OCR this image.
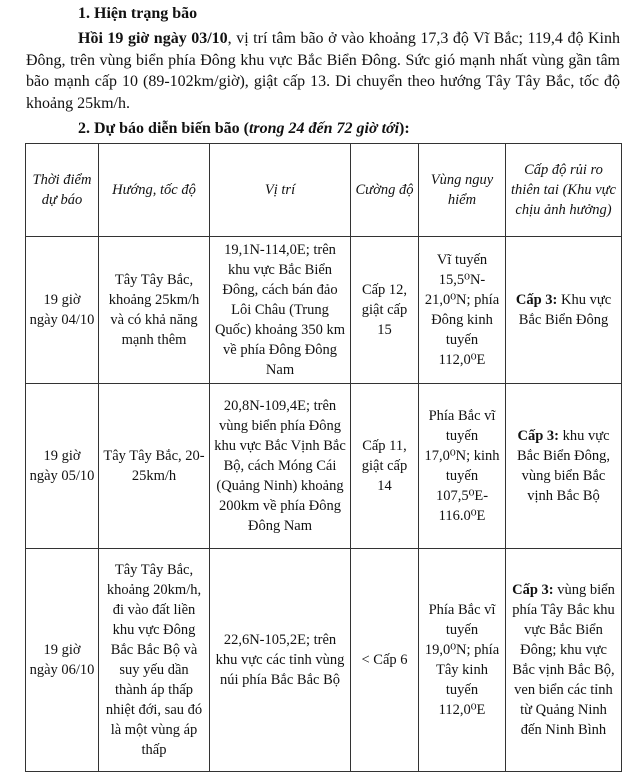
1. Hiện trạng bão
Hồi 19 giờ ngày 03/10, vị trí tâm bão ở vào khoảng 17,3 độ Vĩ Bắc; 119,4 độ Kinh Đông, trên vùng biển phía Đông khu vực Bắc Biển Đông. Sức gió mạnh nhất vùng gần tâm bão mạnh cấp 10 (89-102km/giờ), giật cấp 13. Di chuyển theo hướng Tây Tây Bắc, tốc độ khoảng 25km/h.
2. Dự báo diễn biến bão (trong 24 đến 72 giờ tới):
Thời điểm dự báo	Hướng, tốc độ	Vị trí	Cường độ	Vùng nguy hiểm	Cấp độ rủi ro thiên tai (Khu vực chịu ảnh hưởng)
19 giờ ngày 04/10	Tây Tây Bắc, khoảng 25km/h và có khả năng mạnh thêm	19,1N-114,0E; trên khu vực Bắc Biển Đông, cách bán đảo Lôi Châu (Trung Quốc) khoảng 350 km về phía Đông Đông Nam	Cấp 12, giật cấp 15	Vĩ tuyến 15,5⁰N-21,0⁰N; phía Đông kinh tuyến 112,0⁰E	Cấp 3: Khu vực Bắc Biển Đông
19 giờ ngày 05/10	Tây Tây Bắc, 20-25km/h	20,8N-109,4E; trên vùng biển phía Đông khu vực Bắc Vịnh Bắc Bộ, cách Móng Cái (Quảng Ninh) khoảng 200km về phía Đông Đông Nam	Cấp 11, giật cấp 14	Phía Bắc vĩ tuyến 17,0⁰N; kinh tuyến 107,5⁰E-116.0⁰E	Cấp 3: khu vực Bắc Biển Đông, vùng biển Bắc vịnh Bắc Bộ
19 giờ ngày 06/10	Tây Tây Bắc, khoảng 20km/h, đi vào đất liền khu vực Đông Bắc Bắc Bộ và suy yếu dần thành áp thấp nhiệt đới, sau đó là một vùng áp thấp	22,6N-105,2E; trên khu vực các tỉnh vùng núi phía Bắc Bắc Bộ	< Cấp 6	Phía Bắc vĩ tuyến 19,0⁰N; phía Tây kinh tuyến 112,0⁰E	Cấp 3: vùng biển phía Tây Bắc khu vực Bắc Biển Đông; khu vực Bắc vịnh Bắc Bộ, ven biển các tỉnh từ Quảng Ninh đến Ninh Bình
